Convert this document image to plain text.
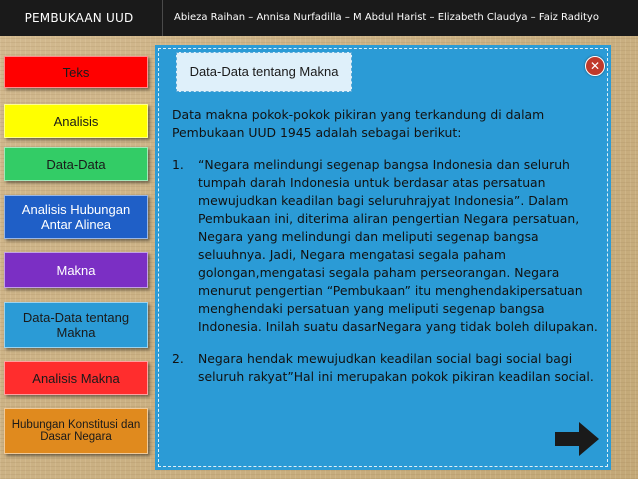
PEMBUKAAN UUD	Abieza Raihan – Annisa Nurfadilla – M Abdul Harist – Elizabeth Claudya – Faiz Radityo
Teks
Analisis
Data-Data
Analisis Hubungan Antar Alinea
Makna
Data-Data tentang Makna
Analisis Makna
Hubungan Konstitusi dan Dasar Negara
Data-Data tentang Makna	✕

Data makna pokok-pokok pikiran yang terkandung di dalam Pembukaan UUD 1945 adalah sebagai berikut:

1.	“Negara melindungi segenap bangsa Indonesia dan seluruh tumpah darah Indonesia untuk berdasar atas persatuan mewujudkan keadilan bagi seluruhrajyat Indonesia”. Dalam Pembukaan ini, diterima aliran pengertian Negara persatuan, Negara yang melindungi dan meliputi segenap bangsa seluuhnya. Jadi, Negara mengatasi segala paham golongan,mengatasi segala paham perseorangan. Negara menurut pengertian “Pembukaan” itu menghendakipersatuan menghendaki persatuan yang meliputi segenap bangsa Indonesia. Inilah suatu dasarNegara yang tidak boleh dilupakan.
2.	Negara hendak mewujudkan keadilan social bagi social bagi seluruh rakyat”Hal ini merupakan pokok pikiran keadilan social.
